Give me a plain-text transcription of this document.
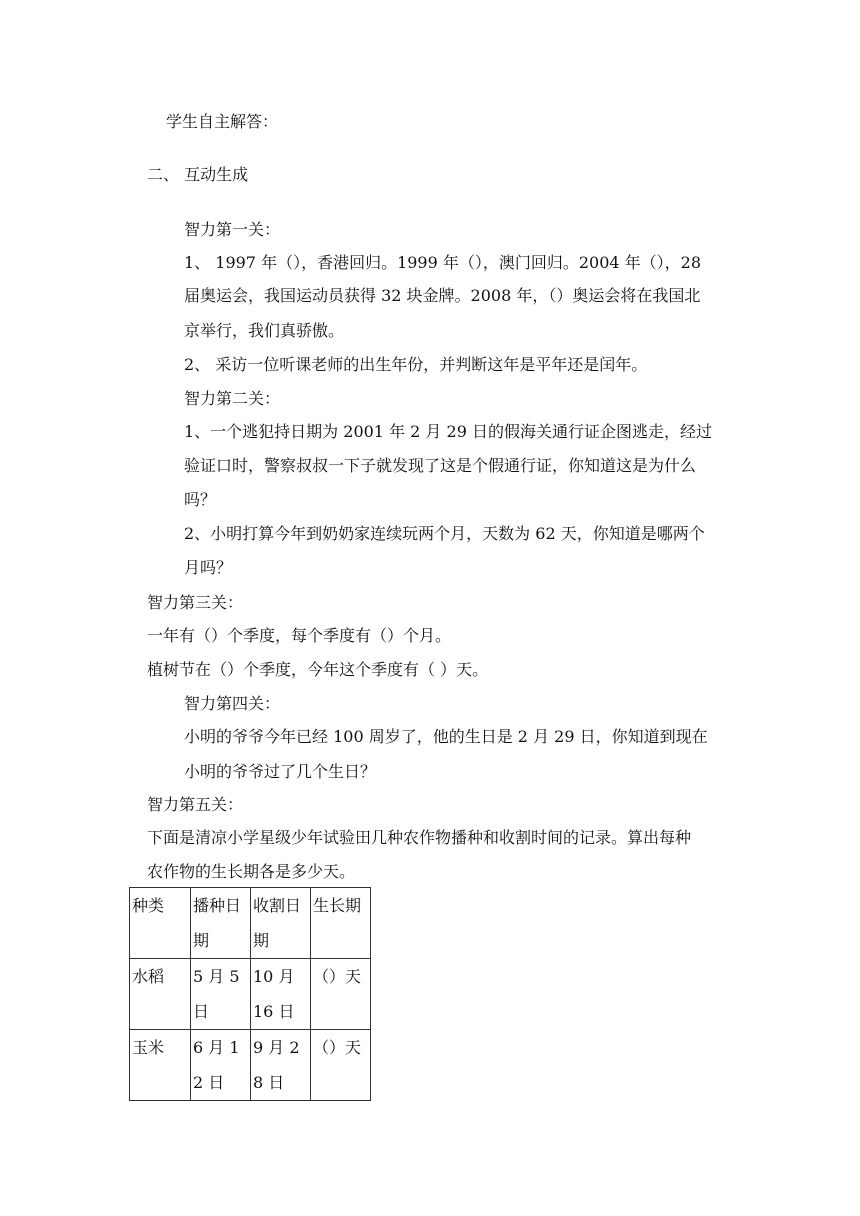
学生自主解答：
二、 互动生成
智力第一关：
1、 1997 年（），香港回归。1999 年（），澳门回归。2004 年（），28
届奥运会，我国运动员获得 32 块金牌。2008 年，（）奥运会将在我国北
京举行，我们真骄傲。
2、 采访一位听课老师的出生年份，并判断这年是平年还是闰年。
智力第二关：
1、一个逃犯持日期为 2001 年 2 月 29 日的假海关通行证企图逃走，经过
验证口时，警察叔叔一下子就发现了这是个假通行证，你知道这是为什么
吗？
2、小明打算今年到奶奶家连续玩两个月，天数为 62 天，你知道是哪两个
月吗？
智力第三关：
一年有（）个季度，每个季度有（）个月。
植树节在（）个季度，今年这个季度有（ ）天。
智力第四关：
小明的爷爷今年已经 100 周岁了，他的生日是 2 月 29 日，你知道到现在
小明的爷爷过了几个生日？
智力第五关：
下面是清凉小学星级少年试验田几种农作物播种和收割时间的记录。算出每种
农作物的生长期各是多少天。
种类	播种日期	收割日期	生长期
水稻	5 月 5 日	10 月 16 日	（）天
玉米	6 月 12 日	9 月 28 日	（）天
